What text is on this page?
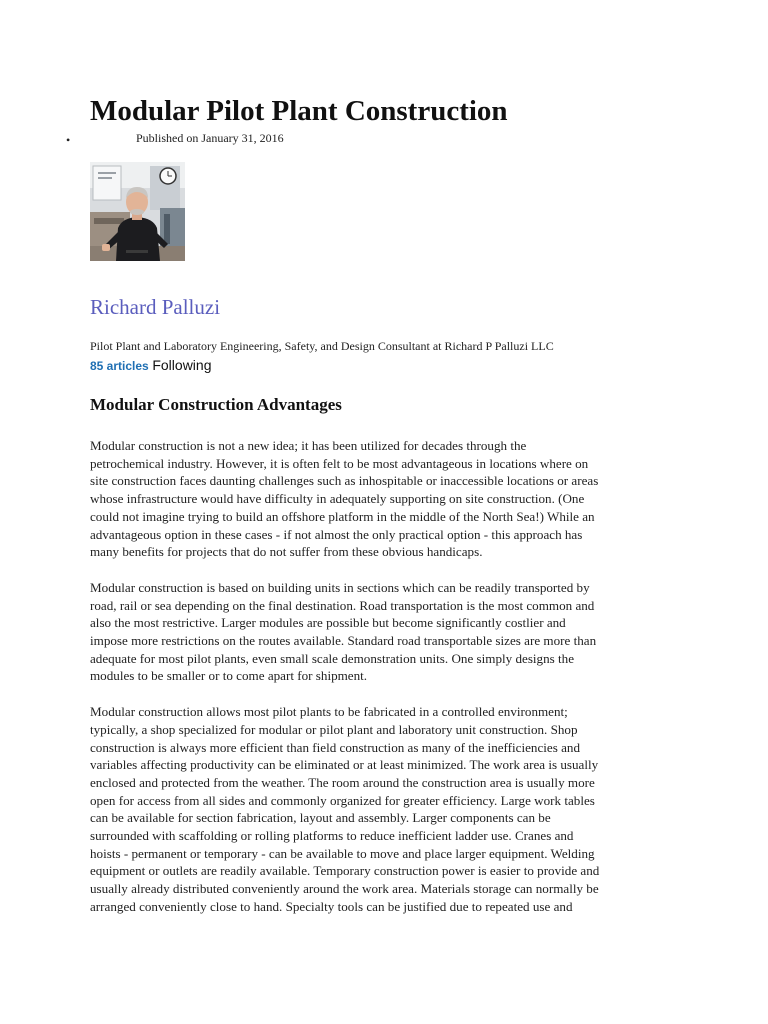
Modular Pilot Plant Construction
•	Published on January 31, 2016
Richard Palluzi
Pilot Plant and Laboratory Engineering, Safety, and Design Consultant at Richard P Palluzi LLC
85 articles Following
Modular Construction Advantages

Modular construction is not a new idea; it has been utilized for decades through the
petrochemical industry. However, it is often felt to be most advantageous in locations where on
site construction faces daunting challenges such as inhospitable or inaccessible locations or areas
whose infrastructure would have difficulty in adequately supporting on site construction. (One
could not imagine trying to build an offshore platform in the middle of the North Sea!) While an
advantageous option in these cases - if not almost the only practical option - this approach has
many benefits for projects that do not suffer from these obvious handicaps.

Modular construction is based on building units in sections which can be readily transported by
road, rail or sea depending on the final destination. Road transportation is the most common and
also the most restrictive. Larger modules are possible but become significantly costlier and
impose more restrictions on the routes available. Standard road transportable sizes are more than
adequate for most pilot plants, even small scale demonstration units. One simply designs the
modules to be smaller or to come apart for shipment.

Modular construction allows most pilot plants to be fabricated in a controlled environment;
typically, a shop specialized for modular or pilot plant and laboratory unit construction. Shop
construction is always more efficient than field construction as many of the inefficiencies and
variables affecting productivity can be eliminated or at least minimized. The work area is usually
enclosed and protected from the weather. The room around the construction area is usually more
open for access from all sides and commonly organized for greater efficiency. Large work tables
can be available for section fabrication, layout and assembly. Larger components can be
surrounded with scaffolding or rolling platforms to reduce inefficient ladder use. Cranes and
hoists - permanent or temporary - can be available to move and place larger equipment. Welding
equipment or outlets are readily available. Temporary construction power is easier to provide and
usually already distributed conveniently around the work area. Materials storage can normally be
arranged conveniently close to hand. Specialty tools can be justified due to repeated use and
